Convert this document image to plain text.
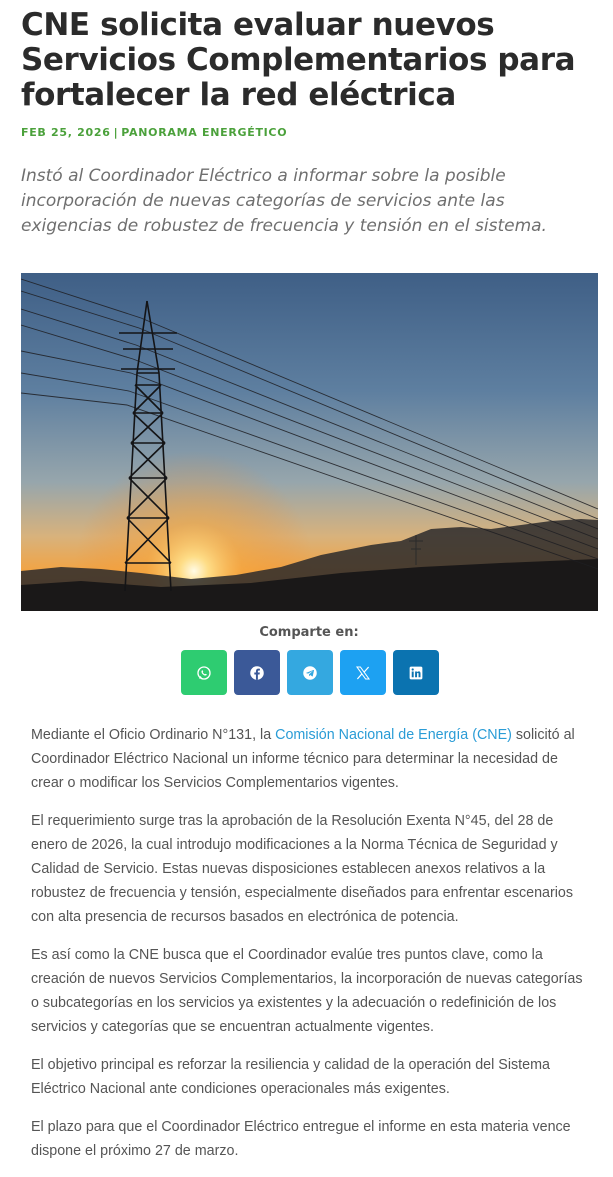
CNE solicita evaluar nuevos Servicios Complementarios para fortalecer la red eléctrica
FEB 25, 2026 | PANORAMA ENERGÉTICO

Instó al Coordinador Eléctrico a informar sobre la posible incorporación de nuevas categorías de servicios ante las exigencias de robustez de frecuencia y tensión en el sistema.

Comparte en:

Mediante el Oficio Ordinario N°131, la Comisión Nacional de Energía (CNE) solicitó al Coordinador Eléctrico Nacional un informe técnico para determinar la necesidad de crear o modificar los Servicios Complementarios vigentes.

El requerimiento surge tras la aprobación de la Resolución Exenta N°45, del 28 de enero de 2026, la cual introdujo modificaciones a la Norma Técnica de Seguridad y Calidad de Servicio. Estas nuevas disposiciones establecen anexos relativos a la robustez de frecuencia y tensión, especialmente diseñados para enfrentar escenarios con alta presencia de recursos basados en electrónica de potencia.

Es así como la CNE busca que el Coordinador evalúe tres puntos clave, como la creación de nuevos Servicios Complementarios, la incorporación de nuevas categorías o subcategorías en los servicios ya existentes y la adecuación o redefinición de los servicios y categorías que se encuentran actualmente vigentes.

El objetivo principal es reforzar la resiliencia y calidad de la operación del Sistema Eléctrico Nacional ante condiciones operacionales más exigentes.

El plazo para que el Coordinador Eléctrico entregue el informe en esta materia vence dispone el próximo 27 de marzo.
